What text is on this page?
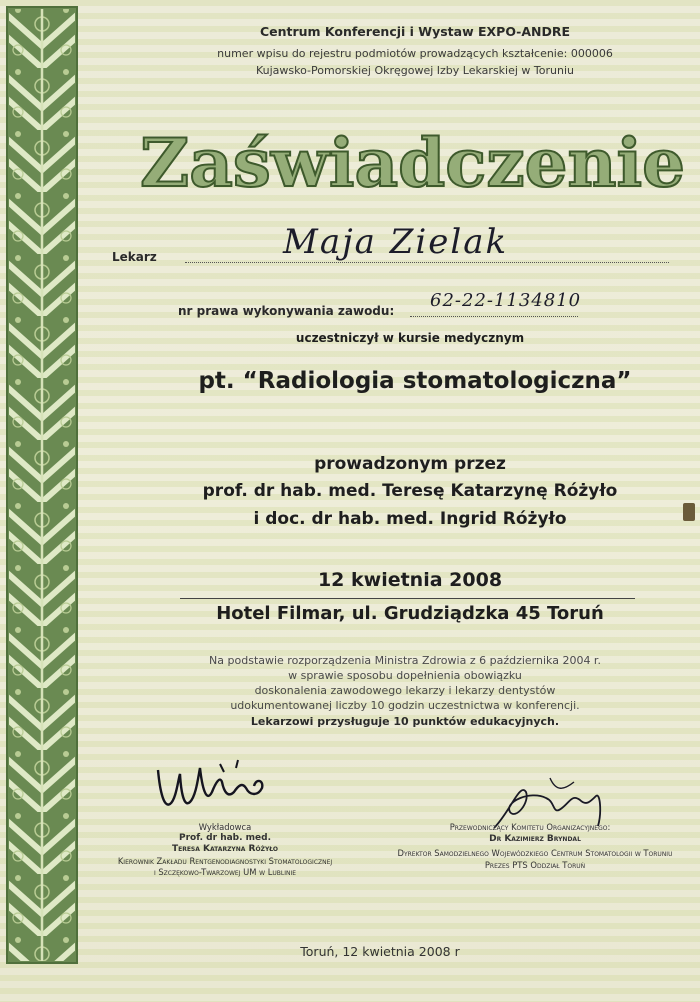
Centrum Konferencji i Wystaw EXPO-ANDRE
numer wpisu do rejestru podmiotów prowadzących kształcenie: 000006
Kujawsko-Pomorskiej Okręgowej Izby Lekarskiej w Toruniu
Zaświadczenie
Lekarz	Maja Zielak
nr prawa wykonywania zawodu: 62-22-1134810
uczestniczył w kursie medycznym
pt. “Radiologia stomatologiczna”
prowadzonym przez
prof. dr hab. med. Teresę Katarzynę Różyło
i doc. dr hab. med. Ingrid Różyło
12 kwietnia 2008
Hotel Filmar, ul. Grudziądzka 45 Toruń
Na podstawie rozporządzenia Ministra Zdrowia z 6 października 2004 r.
w sprawie sposobu dopełnienia obowiązku
doskonalenia zawodowego lekarzy i lekarzy dentystów
udokumentowanej liczby 10 godzin uczestnictwa w konferencji.
Lekarzowi przysługuje 10 punktów edukacyjnych.
Wykładowca
Prof. dr hab. med.
Teresa Katarzyna Różyło
Kierownik Zakładu Rentgenodiagnostyki Stomatologicznej
i Szczękowo-Twarzowej UM w Lublinie
Przewodniczący Komitetu Organizacyjnego:
Dr Kazimierz Bryndal
Dyrektor Samodzielnego Wojewódzkiego Centrum Stomatologii w Toruniu
Prezes PTS Oddział Toruń
Toruń, 12 kwietnia 2008 r
